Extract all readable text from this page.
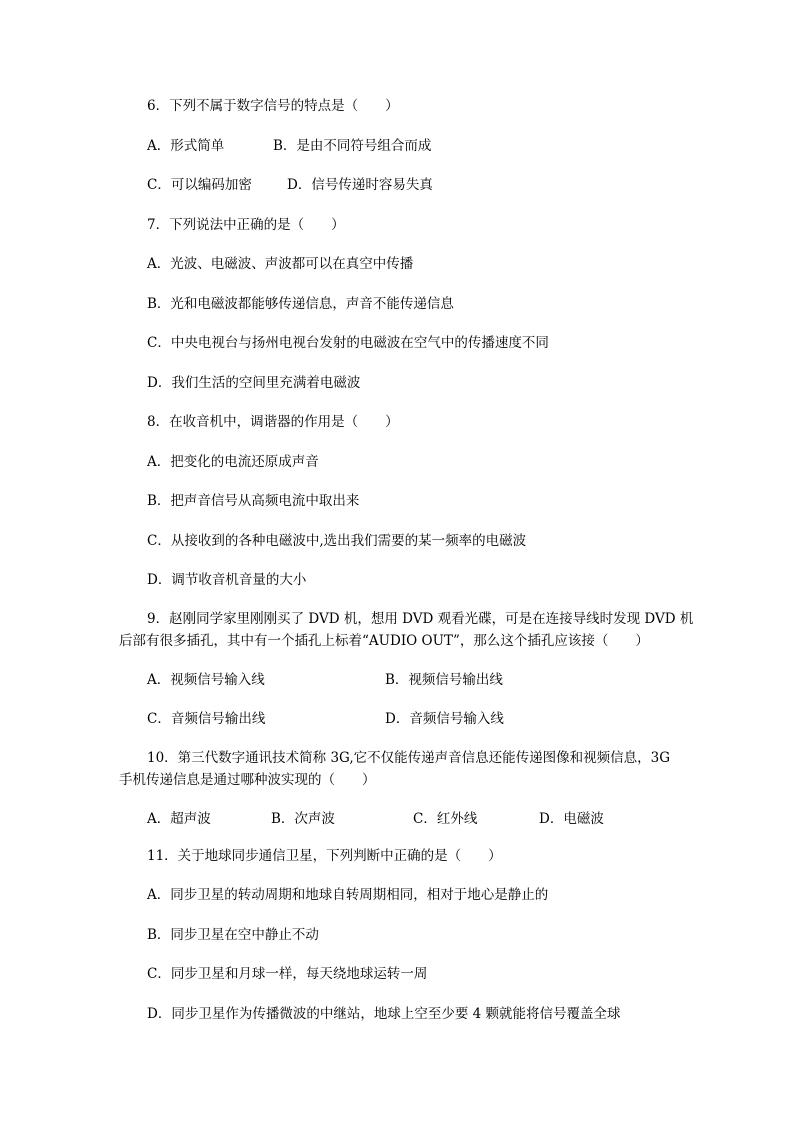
6．下列不属于数字信号的特点是（　　）
A．形式简单	B．是由不同符号组合而成
C．可以编码加密	D．信号传递时容易失真
7．下列说法中正确的是（　　）
A．光波、电磁波、声波都可以在真空中传播
B．光和电磁波都能够传递信息，声音不能传递信息
C．中央电视台与扬州电视台发射的电磁波在空气中的传播速度不同
D．我们生活的空间里充满着电磁波
8．在收音机中，调谐器的作用是（　　）
A．把变化的电流还原成声音
B．把声音信号从高频电流中取出来
C．从接收到的各种电磁波中,选出我们需要的某一频率的电磁波
D．调节收音机音量的大小
9．赵刚同学家里刚刚买了 DVD 机，想用 DVD 观看光碟，可是在连接导线时发现 DVD 机
后部有很多插孔，其中有一个插孔上标着“AUDIO OUT”，那么这个插孔应该接（　　）
A．视频信号输入线	B．视频信号输出线
C．音频信号输出线	D．音频信号输入线
10．第三代数字通讯技术简称 3G,它不仅能传递声音信息还能传递图像和视频信息，3G
手机传递信息是通过哪种波实现的（　　）
A．超声波	B．次声波	C．红外线	D．电磁波
11．关于地球同步通信卫星，下列判断中正确的是（　　）
A．同步卫星的转动周期和地球自转周期相同，相对于地心是静止的
B．同步卫星在空中静止不动
C．同步卫星和月球一样，每天绕地球运转一周
D．同步卫星作为传播微波的中继站，地球上空至少要 4 颗就能将信号覆盖全球
